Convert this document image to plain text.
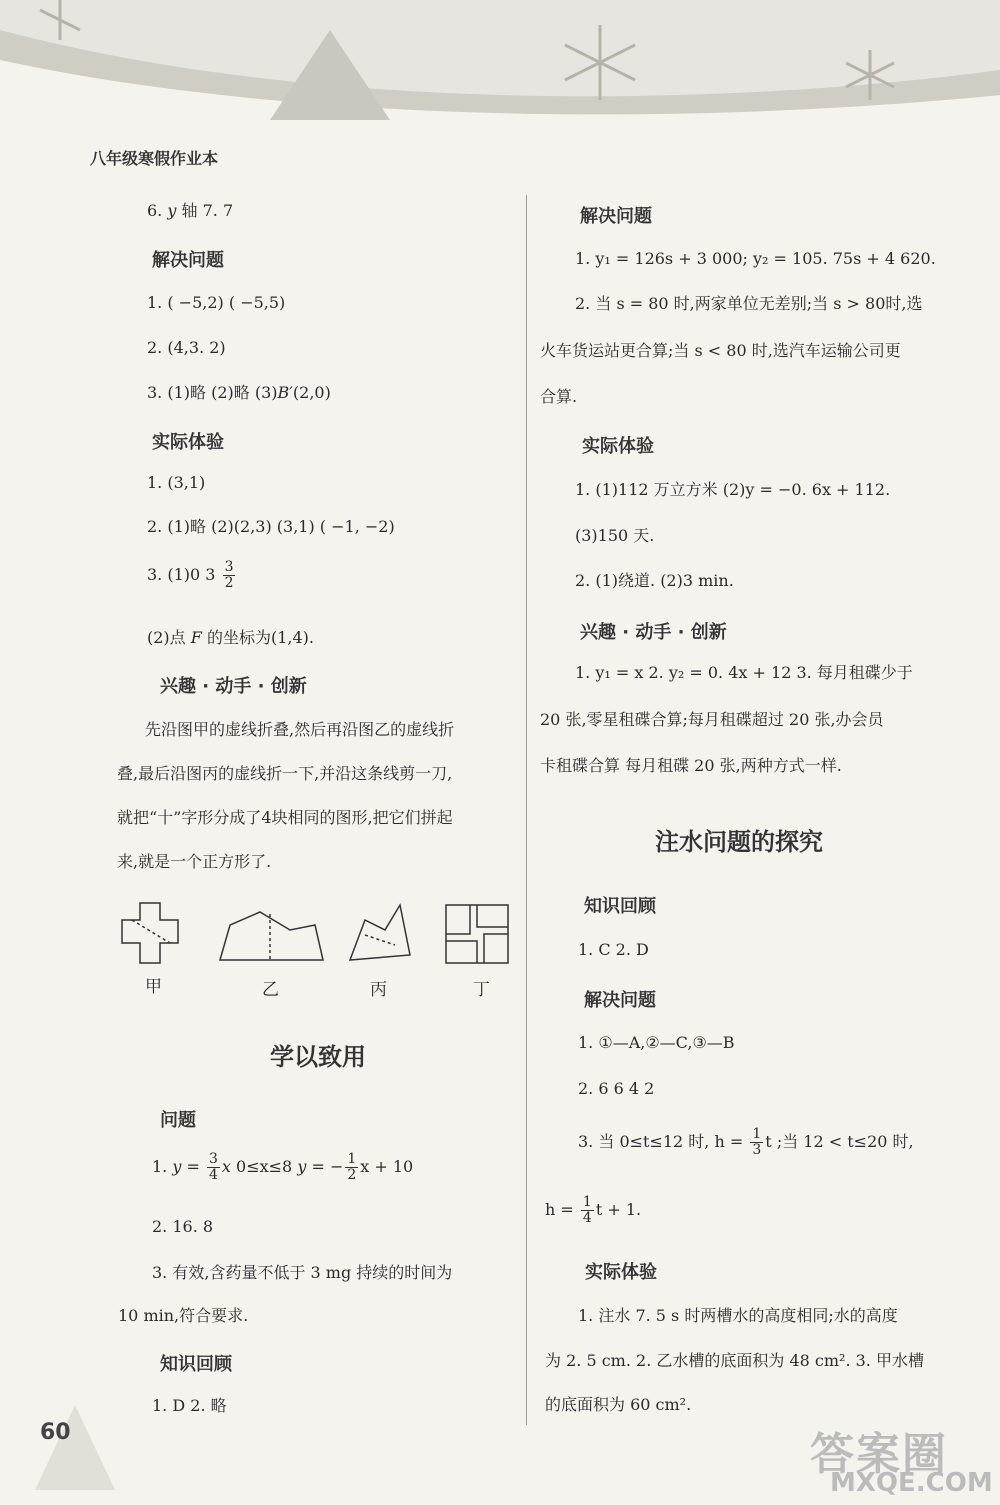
八年级寒假作业本
6. y 轴 7. 7
解决问题
1. ( −5,2) ( −5,5)
2. (4,3. 2)
3. (1)略 (2)略 (3)B′(2,0)
实际体验
1. (3,1)
2. (1)略 (2)(2,3) (3,1) ( −1, −2)
3. (1)0 $3 \frac{3}{2}$
(2)点 F 的坐标为(1,4).
兴趣 · 动手 · 创新
先沿图甲的虚线折叠,然后再沿图乙的虚线折
叠,最后沿图丙的虚线折一下,并沿这条线剪一刀,
就把“十”字形分成了4块相同的图形,把它们拼起
来,就是一个正方形了.
甲	乙	丙	丁
学以致用
问题
1. $y = \frac{3}{4}$ x 0≤x≤8 y = − $\frac{1}{2}$ x + 10
2. 16. 8
3. 有效,含药量不低于 3 mg 持续的时间为
10 min,符合要求.
知识回顾
1. D 2. 略
解决问题
1. y₁ = 126s + 3 000; y₂ = 105. 75s + 4 620.
2. 当 s = 80 时,两家单位无差别;当 s > 80时,选
火车货运站更合算;当 s < 80 时,选汽车运输公司更
合算.
实际体验
1. (1)112 万立方米 (2)y = −0. 6x + 112.
(3)150 天.
2. (1)绕道. (2)3 min.
兴趣 · 动手 · 创新
1. y₁ = x 2. y₂ = 0. 4x + 12 3. 每月租碟少于
20 张,零星租碟合算;每月租碟超过 20 张,办会员
卡租碟合算 每月租碟 20 张,两种方式一样.
注水问题的探究
知识回顾
1. C 2. D
解决问题
1. ①—A,②—C,③—B
2. 6 6 4 2
3. 当 0≤t≤12 时, $h = \frac{1}{3}$ t ;当 12 < t≤20 时,
$h = \frac{1}{4}$ t + 1.
实际体验
1. 注水 7. 5 s 时两槽水的高度相同;水的高度
为 2. 5 cm. 2. 乙水槽的底面积为 48 cm². 3. 甲水槽
的底面积为 60 cm².
60	答案圈
MXQE.COM
